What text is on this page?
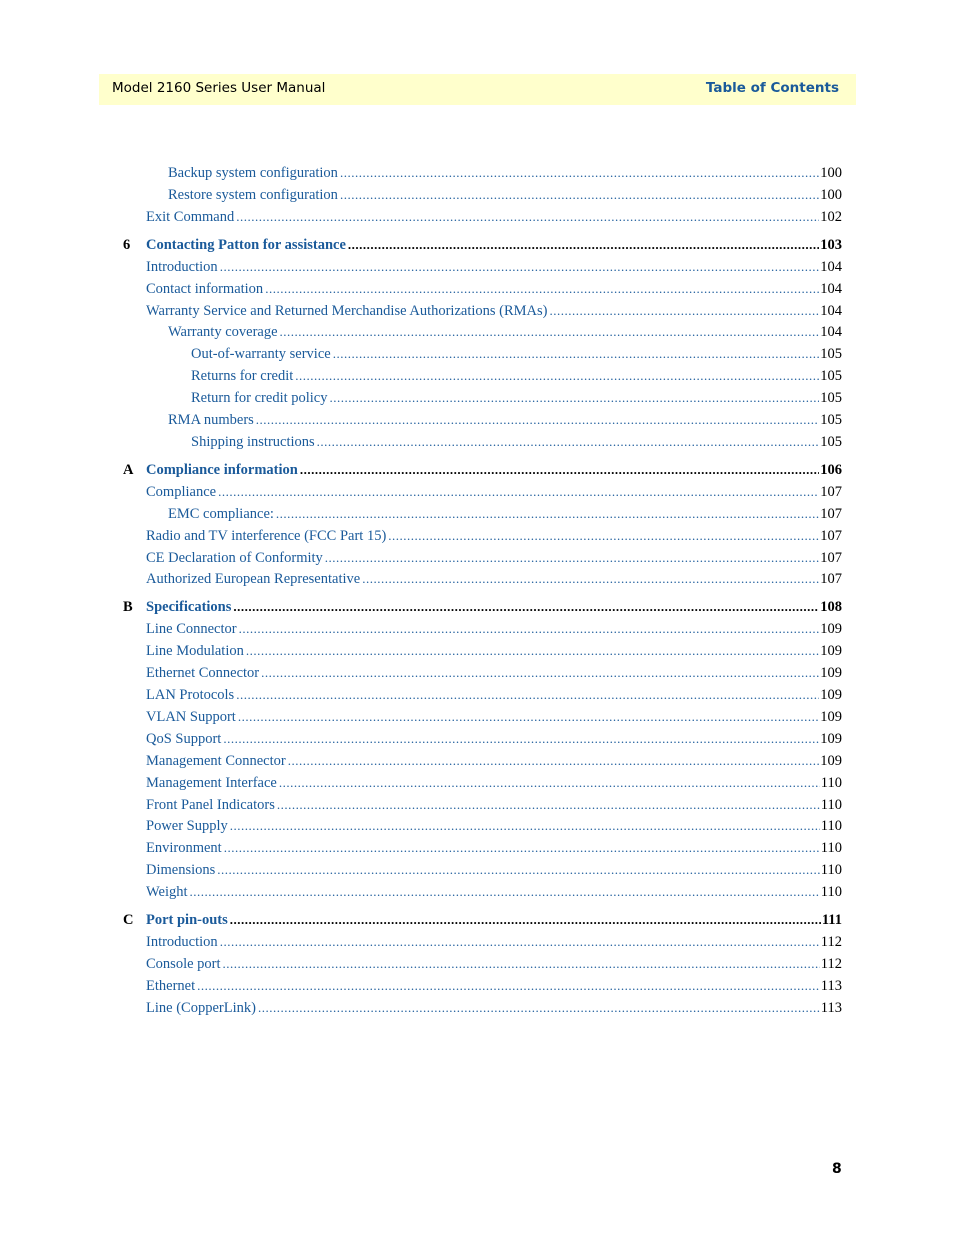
Model 2160 Series User Manual	Table of Contents
Backup system configuration .....	100
Restore system configuration .....	100
Exit Command .....	102
6 Contacting Patton for assistance .....	103
Introduction .....	104
Contact information .....	104
Warranty Service and Returned Merchandise Authorizations (RMAs) .....	104
Warranty coverage .....	104
Out-of-warranty service .....	105
Returns for credit .....	105
Return for credit policy .....	105
RMA numbers .....	105
Shipping instructions .....	105
A Compliance information .....	106
Compliance .....	107
EMC compliance: .....	107
Radio and TV interference (FCC Part 15) .....	107
CE Declaration of Conformity .....	107
Authorized European Representative .....	107
B Specifications .....	108
Line Connector .....	109
Line Modulation .....	109
Ethernet Connector .....	109
LAN Protocols .....	109
VLAN Support .....	109
QoS Support .....	109
Management Connector .....	109
Management Interface .....	110
Front Panel Indicators .....	110
Power Supply .....	110
Environment .....	110
Dimensions .....	110
Weight .....	110
C Port pin-outs .....	111
Introduction .....	112
Console port .....	112
Ethernet .....	113
Line (CopperLink) .....	113
8
